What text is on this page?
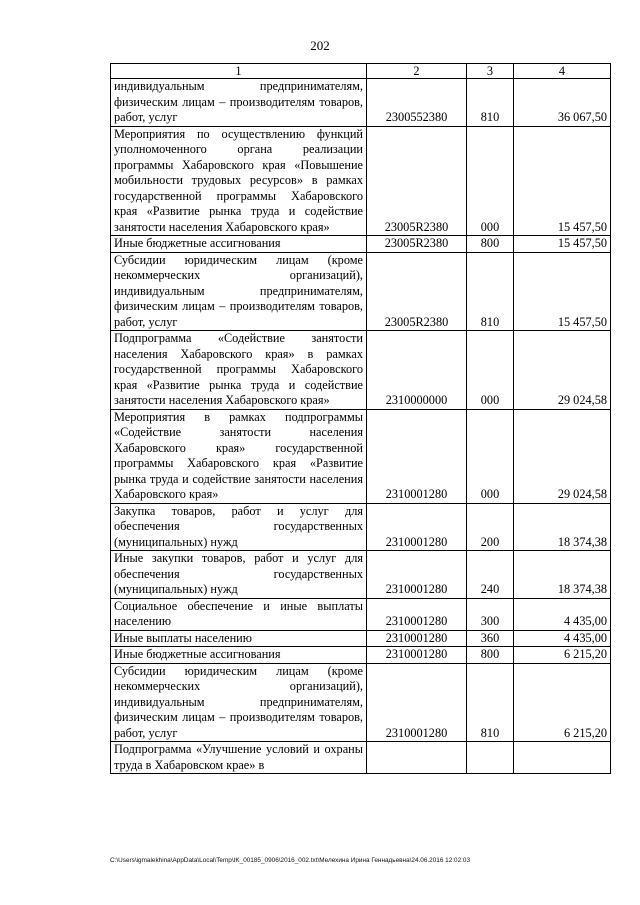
202
1	2	3	4
индивидуальным предпринимателям, физическим лицам – производителям товаров, работ, услуг	2300552380	810	36 067,50
Мероприятия по осуществлению функций уполномоченного органа реализации программы Хабаровского края «Повышение мобильности трудовых ресурсов» в рамках государственной программы Хабаровского края «Развитие рынка труда и содействие занятости населения Хабаровского края»	23005R2380	000	15 457,50
Иные бюджетные ассигнования	23005R2380	800	15 457,50
Субсидии юридическим лицам (кроме некоммерческих организаций), индивидуальным предпринимателям, физическим лицам – производителям товаров, работ, услуг	23005R2380	810	15 457,50
Подпрограмма «Содействие занятости населения Хабаровского края» в рамках государственной программы Хабаровского края «Развитие рынка труда и содействие занятости населения Хабаровского края»	2310000000	000	29 024,58
Мероприятия в рамках подпрограммы «Содействие занятости населения Хабаровского края» государственной программы Хабаровского края «Развитие рынка труда и содействие занятости населения Хабаровского края»	2310001280	000	29 024,58
Закупка товаров, работ и услуг для обеспечения государственных (муниципальных) нужд	2310001280	200	18 374,38
Иные закупки товаров, работ и услуг для обеспечения государственных (муниципальных) нужд	2310001280	240	18 374,38
Социальное обеспечение и иные выплаты населению	2310001280	300	4 435,00
Иные выплаты населению	2310001280	360	4 435,00
Иные бюджетные ассигнования	2310001280	800	6 215,20
Субсидии юридическим лицам (кроме некоммерческих организаций), индивидуальным предпринимателям, физическим лицам – производителям товаров, работ, услуг	2310001280	810	6 215,20
Подпрограмма «Улучшение условий и охраны труда в Хабаровском крае» в			
C:\Users\igmalekhina\AppData\Local\Temp\IK_00185_0906\2016_002.txt\Мелехина Ирина Геннадьевна\24.06.2016 12:02:03
